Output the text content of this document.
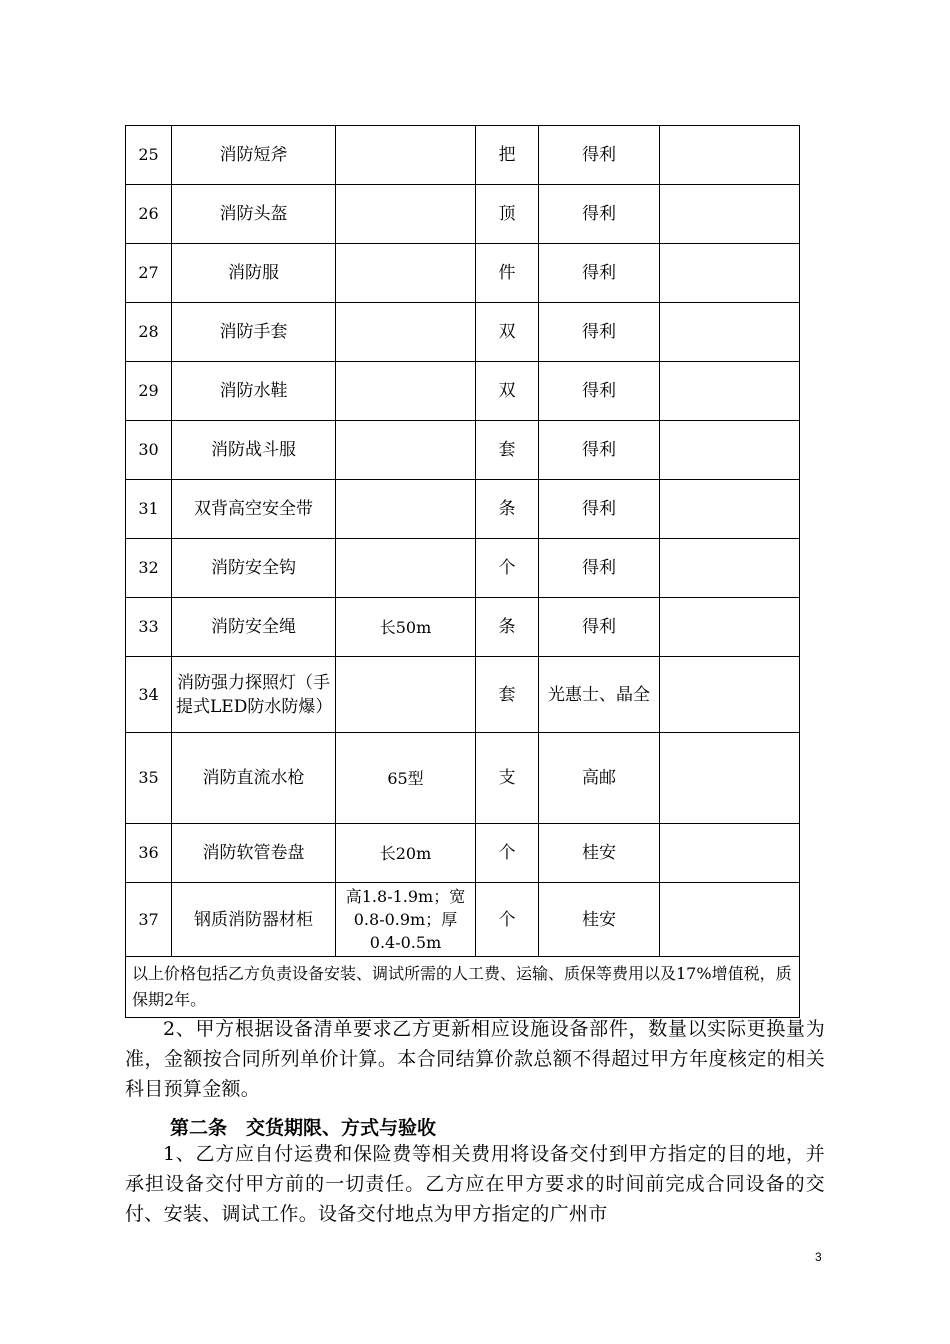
25	消防短斧		把	得利	
26	消防头盔		顶	得利	
27	消防服		件	得利	
28	消防手套		双	得利	
29	消防水鞋		双	得利	
30	消防战斗服		套	得利	
31	双背高空安全带		条	得利	
32	消防安全钩		个	得利	
33	消防安全绳	长50m	条	得利	
34	消防强力探照灯（手提式LED防水防爆）		套	光惠士、晶全	
35	消防直流水枪	65型	支	高邮	
36	消防软管卷盘	长20m	个	桂安	
37	钢质消防器材柜	高1.8-1.9m；宽0.8-0.9m；厚0.4-0.5m	个	桂安	
以上价格包括乙方负责设备安装、调试所需的人工费、运输、质保等费用以及17%增值税，质保期2年。					

2、甲方根据设备清单要求乙方更新相应设施设备部件，数量以实际更换量为准，金额按合同所列单价计算。本合同结算价款总额不得超过甲方年度核定的相关科目预算金额。

第二条　交货期限、方式与验收

1、乙方应自付运费和保险费等相关费用将设备交付到甲方指定的目的地，并承担设备交付甲方前的一切责任。乙方应在甲方要求的时间前完成合同设备的交付、安装、调试工作。设备交付地点为甲方指定的广州市

3
